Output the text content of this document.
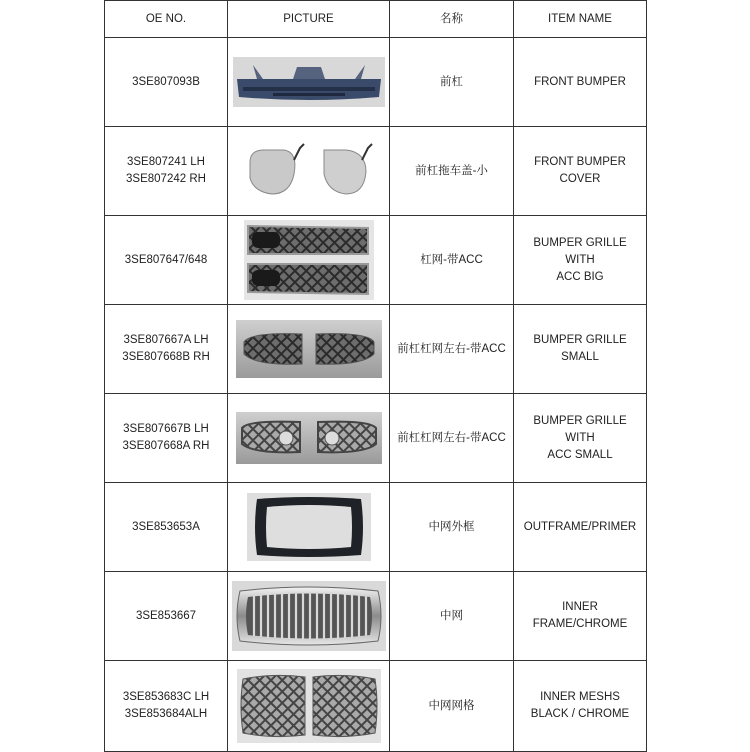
OE NO.	PICTURE	名称	ITEM NAME

3SE807093B		前杠	FRONT BUMPER

3SE807241 LH
3SE807242 RH		前杠拖车盖-小	FRONT BUMPER
COVER

3SE807647/648		杠网-带ACC	BUMPER GRILLE WITH
ACC BIG

3SE807667A LH
3SE807668B RH		前杠杠网左右-带ACC	BUMPER GRILLE
SMALL

3SE807667B LH
3SE807668A RH		前杠杠网左右-带ACC	BUMPER GRILLE WITH
ACC SMALL

3SE853653A		中网外框	OUTFRAME/PRIMER

3SE853667		中网	INNER
FRAME/CHROME

3SE853683C LH
3SE853684ALH		中网网格	INNER MESHS
BLACK / CHROME
